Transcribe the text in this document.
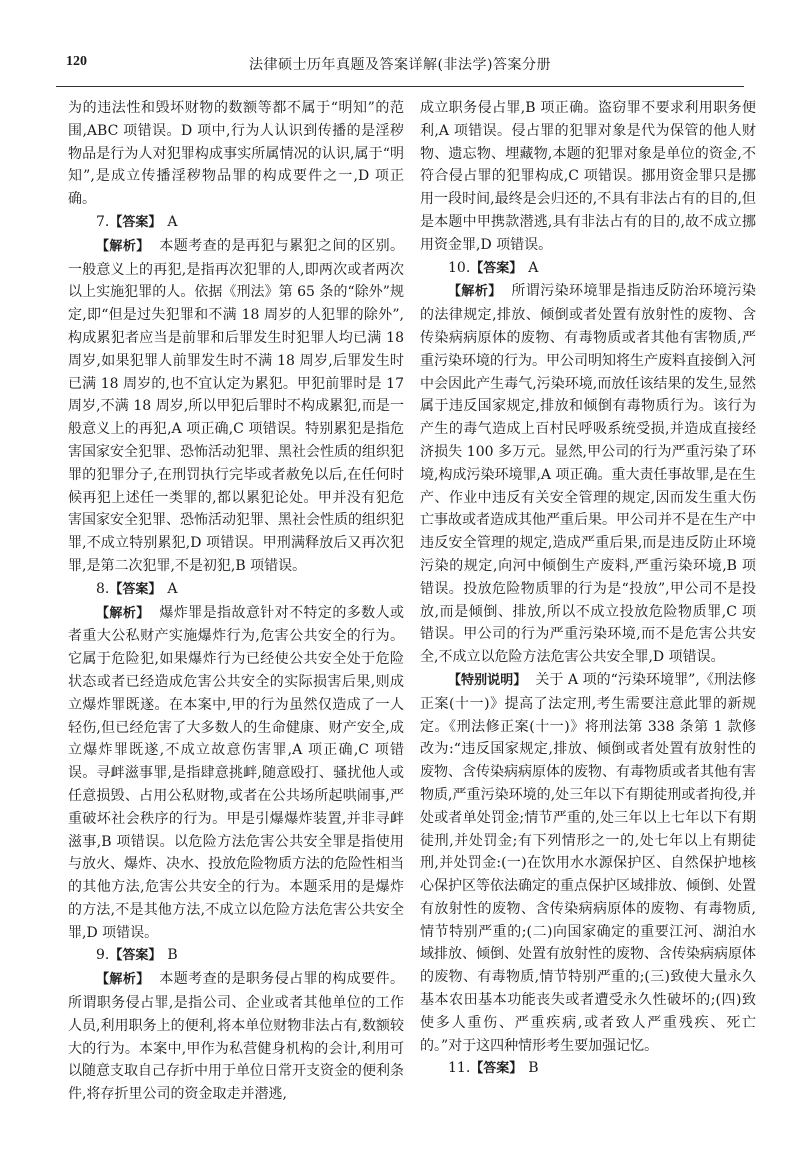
120	法律硕士历年真题及答案详解(非法学)答案分册

为的违法性和毁坏财物的数额等都不属于“明知”的范围,ABC 项错误。D 项中,行为人认识到传播的是淫秽物品是行为人对犯罪构成事实所属情况的认识,属于“明知”,是成立传播淫秽物品罪的构成要件之一,D 项正确。

7.【答案】 A

【解析】 本题考查的是再犯与累犯之间的区别。一般意义上的再犯,是指再次犯罪的人,即两次或者两次以上实施犯罪的人。依据《刑法》第 65 条的“除外”规定,即“但是过失犯罪和不满 18 周岁的人犯罪的除外”,构成累犯者应当是前罪和后罪发生时犯罪人均已满 18 周岁,如果犯罪人前罪发生时不满 18 周岁,后罪发生时已满 18 周岁的,也不宜认定为累犯。甲犯前罪时是 17 周岁,不满 18 周岁,所以甲犯后罪时不构成累犯,而是一般意义上的再犯,A 项正确,C 项错误。特别累犯是指危害国家安全犯罪、恐怖活动犯罪、黑社会性质的组织犯罪的犯罪分子,在刑罚执行完毕或者赦免以后,在任何时候再犯上述任一类罪的,都以累犯论处。甲并没有犯危害国家安全犯罪、恐怖活动犯罪、黑社会性质的组织犯罪,不成立特别累犯,D 项错误。甲刑满释放后又再次犯罪,是第二次犯罪,不是初犯,B 项错误。

8.【答案】 A

【解析】 爆炸罪是指故意针对不特定的多数人或者重大公私财产实施爆炸行为,危害公共安全的行为。它属于危险犯,如果爆炸行为已经使公共安全处于危险状态或者已经造成危害公共安全的实际损害后果,则成立爆炸罪既遂。在本案中,甲的行为虽然仅造成了一人轻伤,但已经危害了大多数人的生命健康、财产安全,成立爆炸罪既遂,不成立故意伤害罪,A 项正确,C 项错误。寻衅滋事罪,是指肆意挑衅,随意殴打、骚扰他人或任意损毁、占用公私财物,或者在公共场所起哄闹事,严重破坏社会秩序的行为。甲是引爆爆炸装置,并非寻衅滋事,B 项错误。以危险方法危害公共安全罪是指使用与放火、爆炸、决水、投放危险物质方法的危险性相当的其他方法,危害公共安全的行为。本题采用的是爆炸的方法,不是其他方法,不成立以危险方法危害公共安全罪,D 项错误。

9.【答案】 B

【解析】 本题考查的是职务侵占罪的构成要件。所谓职务侵占罪,是指公司、企业或者其他单位的工作人员,利用职务上的便利,将本单位财物非法占有,数额较大的行为。本案中,甲作为私营健身机构的会计,利用可以随意支取自己存折中用于单位日常开支资金的便利条件,将存折里公司的资金取走并潜逃,

成立职务侵占罪,B 项正确。盗窃罪不要求利用职务便利,A 项错误。侵占罪的犯罪对象是代为保管的他人财物、遗忘物、埋藏物,本题的犯罪对象是单位的资金,不符合侵占罪的犯罪构成,C 项错误。挪用资金罪只是挪用一段时间,最终是会归还的,不具有非法占有的目的,但是本题中甲携款潜逃,具有非法占有的目的,故不成立挪用资金罪,D 项错误。

10.【答案】 A

【解析】 所谓污染环境罪是指违反防治环境污染的法律规定,排放、倾倒或者处置有放射性的废物、含传染病病原体的废物、有毒物质或者其他有害物质,严重污染环境的行为。甲公司明知将生产废料直接倒入河中会因此产生毒气,污染环境,而放任该结果的发生,显然属于违反国家规定,排放和倾倒有毒物质行为。该行为产生的毒气造成上百村民呼吸系统受损,并造成直接经济损失 100 多万元。显然,甲公司的行为严重污染了环境,构成污染环境罪,A 项正确。重大责任事故罪,是在生产、作业中违反有关安全管理的规定,因而发生重大伤亡事故或者造成其他严重后果。甲公司并不是在生产中违反安全管理的规定,造成严重后果,而是违反防止环境污染的规定,向河中倾倒生产废料,严重污染环境,B 项错误。投放危险物质罪的行为是“投放”,甲公司不是投放,而是倾倒、排放,所以不成立投放危险物质罪,C 项错误。甲公司的行为严重污染环境,而不是危害公共安全,不成立以危险方法危害公共安全罪,D 项错误。

【特别说明】 关于 A 项的“污染环境罪”,《刑法修正案(十一)》提高了法定刑,考生需要注意此罪的新规定。《刑法修正案(十一)》将刑法第 338 条第 1 款修改为:“违反国家规定,排放、倾倒或者处置有放射性的废物、含传染病病原体的废物、有毒物质或者其他有害物质,严重污染环境的,处三年以下有期徒刑或者拘役,并处或者单处罚金;情节严重的,处三年以上七年以下有期徒刑,并处罚金;有下列情形之一的,处七年以上有期徒刑,并处罚金:(一)在饮用水水源保护区、自然保护地核心保护区等依法确定的重点保护区域排放、倾倒、处置有放射性的废物、含传染病病原体的废物、有毒物质,情节特别严重的;(二)向国家确定的重要江河、湖泊水域排放、倾倒、处置有放射性的废物、含传染病病原体的废物、有毒物质,情节特别严重的;(三)致使大量永久基本农田基本功能丧失或者遭受永久性破坏的;(四)致使多人重伤、严重疾病,或者致人严重残疾、死亡的。”对于这四种情形考生要加强记忆。

11.【答案】 B
